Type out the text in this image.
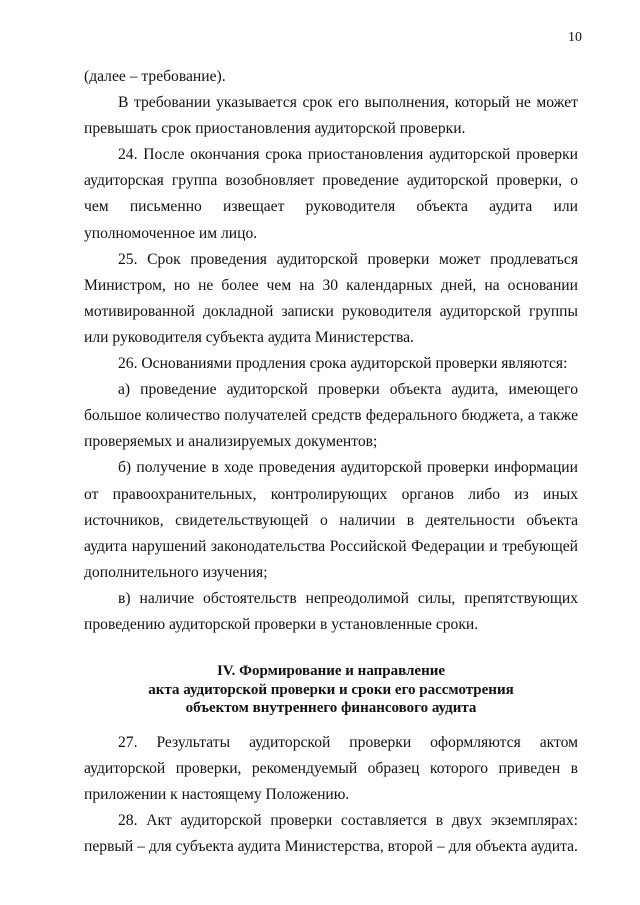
10

(далее – требование).

В требовании указывается срок его выполнения, который не может превышать срок приостановления аудиторской проверки.

24. После окончания срока приостановления аудиторской проверки аудиторская группа возобновляет проведение аудиторской проверки, о чем письменно извещает руководителя объекта аудита или уполномоченное им лицо.

25. Срок проведения аудиторской проверки может продлеваться Министром, но не более чем на 30 календарных дней, на основании мотивированной докладной записки руководителя аудиторской группы или руководителя субъекта аудита Министерства.

26. Основаниями продления срока аудиторской проверки являются:

а) проведение аудиторской проверки объекта аудита, имеющего большое количество получателей средств федерального бюджета, а также проверяемых и анализируемых документов;

б) получение в ходе проведения аудиторской проверки информации от правоохранительных, контролирующих органов либо из иных источников, свидетельствующей о наличии в деятельности объекта аудита нарушений законодательства Российской Федерации и требующей дополнительного изучения;

в) наличие обстоятельств непреодолимой силы, препятствующих проведению аудиторской проверки в установленные сроки.

IV. Формирование и направление
акта аудиторской проверки и сроки его рассмотрения
объектом внутреннего финансового аудита

27. Результаты аудиторской проверки оформляются актом аудиторской проверки, рекомендуемый образец которого приведен в приложении к настоящему Положению.

28. Акт аудиторской проверки составляется в двух экземплярах: первый – для субъекта аудита Министерства, второй – для объекта аудита.
